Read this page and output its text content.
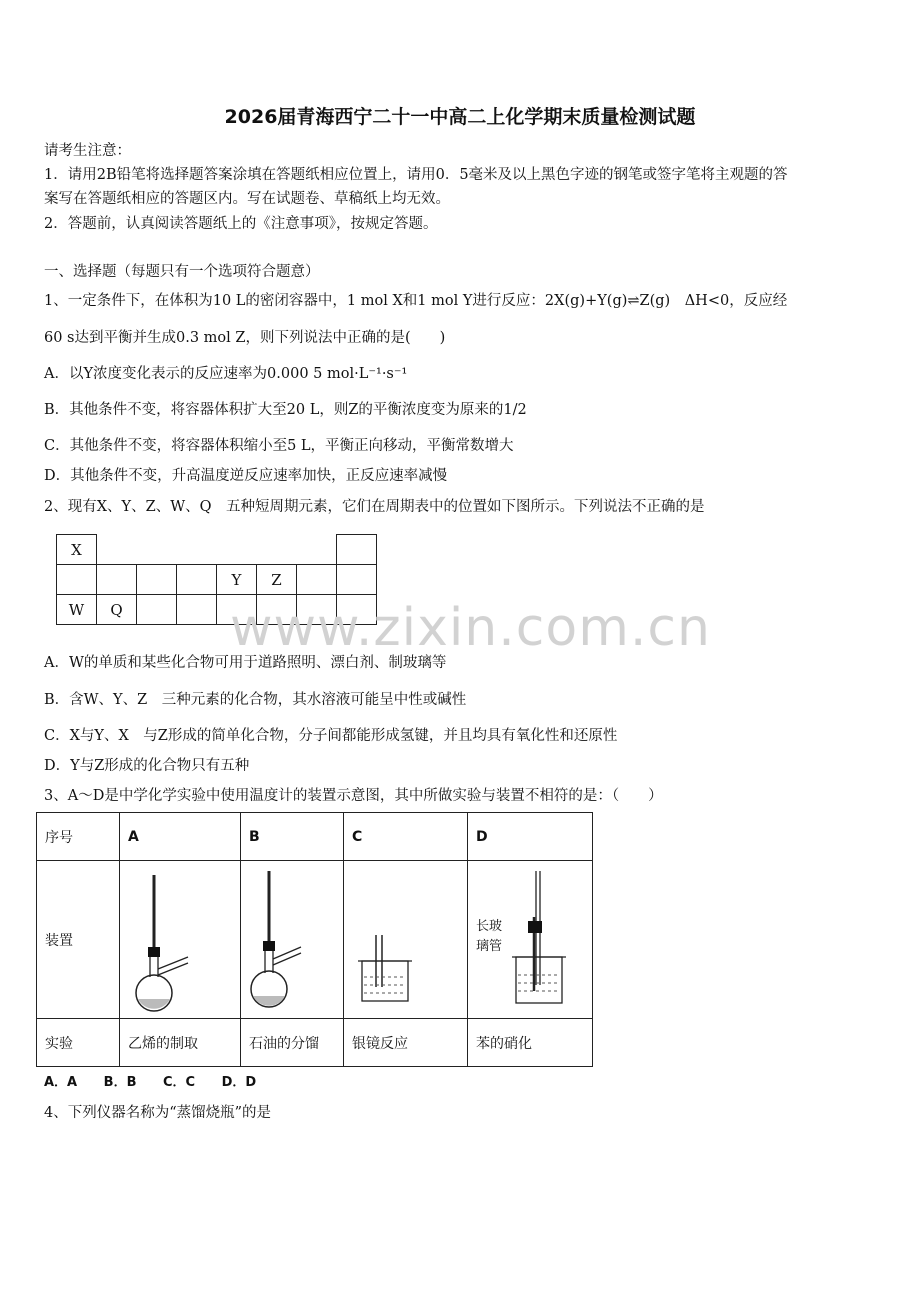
2026届青海西宁二十一中高二上化学期末质量检测试题
请考生注意：
1．请用2B铅笔将选择题答案涂填在答题纸相应位置上，请用0．5毫米及以上黑色字迹的钢笔或签字笔将主观题的答
案写在答题纸相应的答题区内。写在试题卷、草稿纸上均无效。
2．答题前，认真阅读答题纸上的《注意事项》，按规定答题。
一、选择题（每题只有一个选项符合题意）
1、一定条件下，在体积为10 L的密闭容器中，1 mol X和1 mol Y进行反应：2X(g)+Y(g)⇌Z(g)　ΔH<0，反应经
60 s达到平衡并生成0.3 mol Z，则下列说法中正确的是(　　)
A．以Y浓度变化表示的反应速率为0.000 5 mol·L⁻¹·s⁻¹
B．其他条件不变，将容器体积扩大至20 L，则Z的平衡浓度变为原来的1/2
C．其他条件不变，将容器体积缩小至5 L，平衡正向移动，平衡常数增大
D．其他条件不变，升高温度逆反应速率加快，正反应速率减慢
2、现有X、Y、Z、W、Q　五种短周期元素，它们在周期表中的位置如下图所示。下列说法不正确的是
X							
				Y	Z		
W	Q						www.zixin.com.cn
A．W的单质和某些化合物可用于道路照明、漂白剂、制玻璃等
B．含W、Y、Z　三种元素的化合物，其水溶液可能呈中性或碱性
C．X与Y、X　与Z形成的简单化合物，分子间都能形成氢键，并且均具有氧化性和还原性
D．Y与Z形成的化合物只有五种
3、A～D是中学化学实验中使用温度计的装置示意图，其中所做实验与装置不相符的是：（　　）
序号	A	B	C	D
装置				长玻
璃管

实验	乙烯的制取	石油的分馏	银镜反应	苯的硝化
A．A B．B C．C D．D
4、下列仪器名称为“蒸馏烧瓶”的是
